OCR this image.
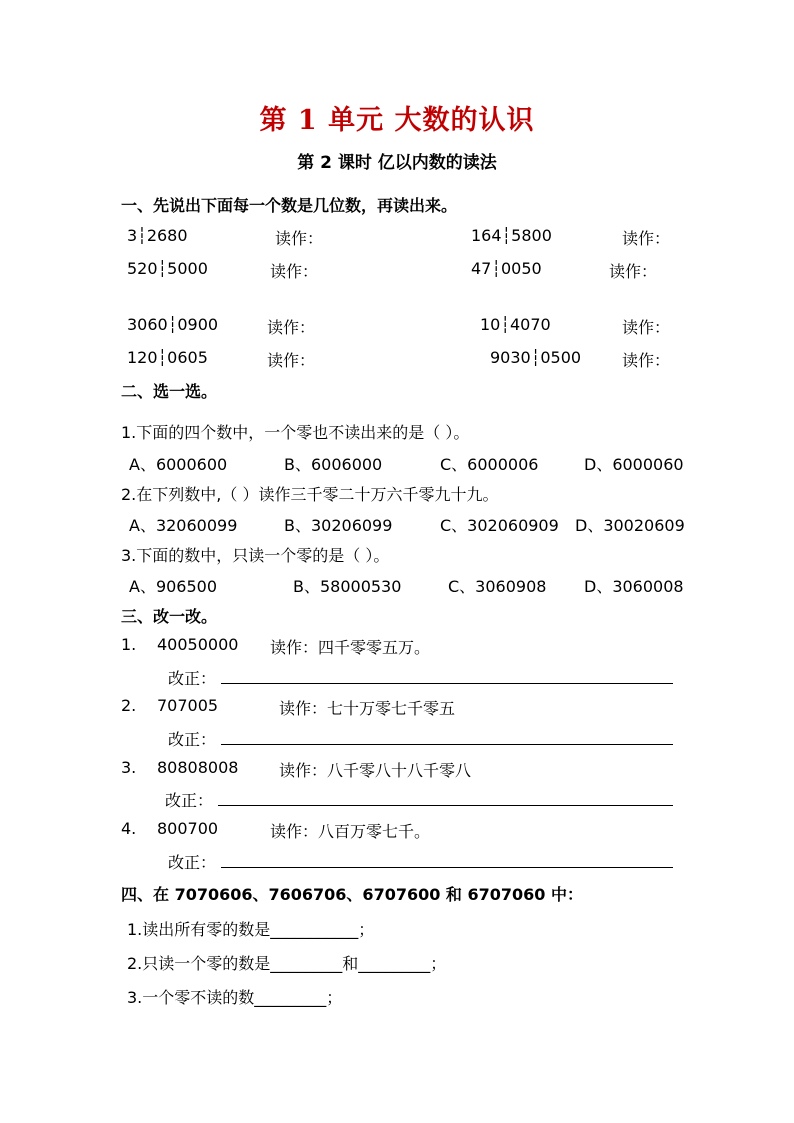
第 1 单元 大数的认识
第 2 课时 亿以内数的读法
一、先说出下面每一个数是几位数，再读出来。
3┆2680	读作：	164┆5800	读作：
520┆5000	读作：	47┆0050	读作：
3060┆0900	读作：	10┆4070	读作：
120┆0605	读作：	9030┆0500	读作：
二、选一选。
1.下面的四个数中，一个零也不读出来的是（ ）。
A、6000600	B、6006000	C、6000006	D、6000060
2.在下列数中,（ ）读作三千零二十万六千零九十九。
A、32060099	B、30206099	C、302060909 D、30020609
3.下面的数中，只读一个零的是（ ）。
A、906500	B、58000530	C、3060908 D、3060008
三、改一改。
1. 40050000 读作：四千零零五万。
改正：
2. 707005	读作：七十万零七千零五
改正：
3. 80808008	读作：八千零八十八千零八
改正：
4. 800700	读作：八百万零七千。
改正：
四、在 7070606、7606706、6707600 和 6707060 中：
1.读出所有零的数是___________；
2.只读一个零的数是_________和_________；
3.一个零不读的数_________；
